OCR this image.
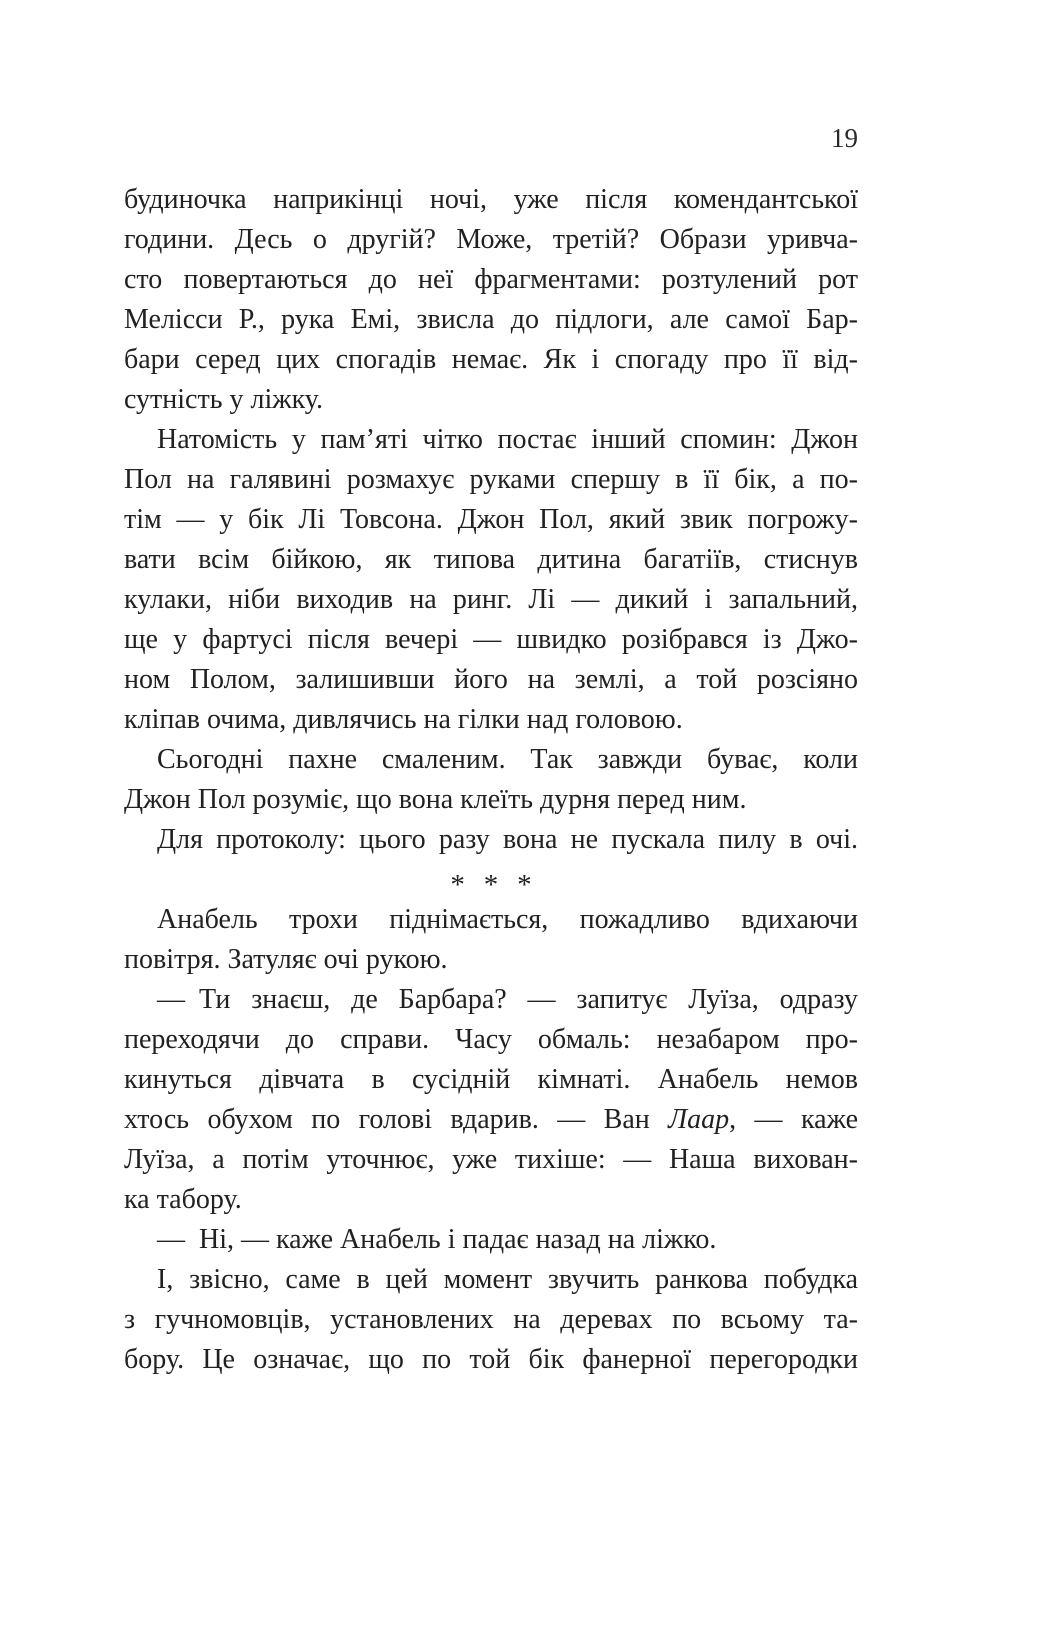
19
будиночка наприкінці ночі, уже після комендантської
години. Десь о другій? Може, третій? Образи уривча-
сто повертаються до неї фрагментами: розтулений рот
Мелісси Р., рука Емі, звисла до підлоги, але самої Бар-
бари серед цих спогадів немає. Як і спогаду про її від-
сутність у ліжку.
Натомість у пам’яті чітко постає інший спомин: Джон
Пол на галявині розмахує руками спершу в її бік, а по-
тім — у бік Лі Товсона. Джон Пол, який звик погрожу-
вати всім бійкою, як типова дитина багатіїв, стиснув
кулаки, ніби виходив на ринг. Лі — дикий і запальний,
ще у фартусі після вечері — швидко розібрався із Джо-
ном Полом, залишивши його на землі, а той розсіяно
кліпав очима, дивлячись на гілки над головою.
Сьогодні пахне смаленим. Так завжди буває, коли
Джон Пол розуміє, що вона клеїть дурня перед ним.
Для протоколу: цього разу вона не пускала пилу в очі.
* * *
Анабель трохи піднімається, пожадливо вдихаючи
повітря. Затуляє очі рукою.
— Ти знаєш, де Барбара? — запитує Луїза, одразу
переходячи до справи. Часу обмаль: незабаром про-
кинуться дівчата в сусідній кімнаті. Анабель немов
хтось обухом по голові вдарив. — Ван Лаар, — каже
Луїза, а потім уточнює, уже тихіше: — Наша вихован-
ка табору.
— Ні, — каже Анабель і падає назад на ліжко.
І, звісно, саме в цей момент звучить ранкова побудка
з гучномовців, установлених на деревах по всьому та-
бору. Це означає, що по той бік фанерної перегородки
